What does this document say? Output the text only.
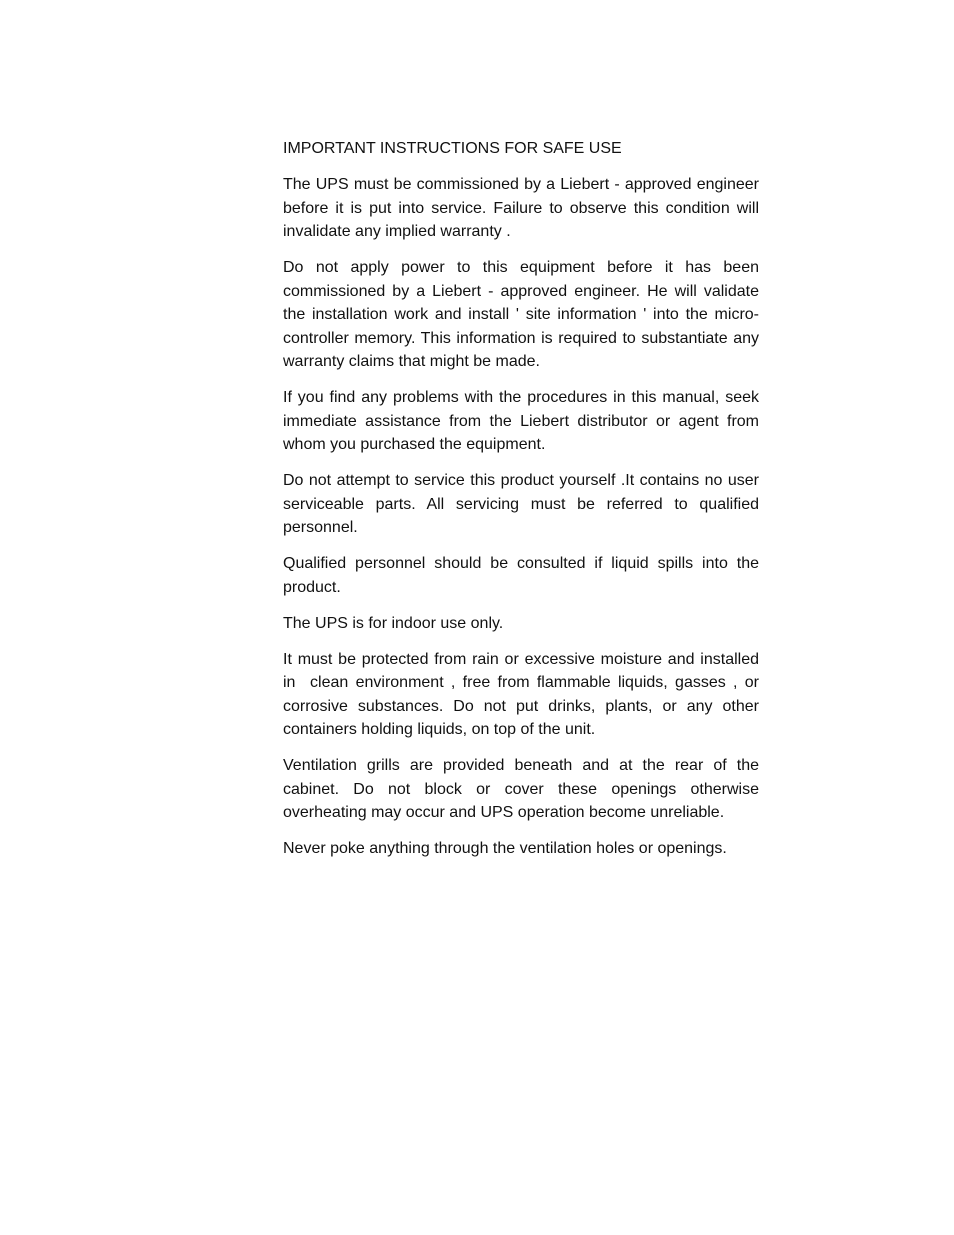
IMPORTANT INSTRUCTIONS FOR SAFE USE

The UPS must be commissioned by a Liebert - approved engineer before it is put into service. Failure to observe this condition will invalidate any implied warranty .

Do not apply power to this equipment before it has been commissioned by a Liebert - approved engineer. He will validate the installation work and install ' site information ' into the micro-controller memory. This information is required to substantiate any warranty claims that might be made.

If you find any problems with the procedures in this manual, seek immediate assistance from the Liebert distributor or agent from whom you purchased the equipment.

Do not attempt to service this product yourself .It contains no user serviceable parts. All servicing must be referred to qualified personnel.

Qualified personnel should be consulted if liquid spills into the product.

The UPS is for indoor use only.

It must be protected from rain or excessive moisture and installed in  clean environment , free from flammable liquids, gasses , or corrosive substances. Do not put drinks, plants, or any other containers holding liquids, on top of the unit.

Ventilation grills are provided beneath and at the rear of the cabinet. Do not block or cover these openings otherwise overheating may occur and UPS operation become unreliable.

Never poke anything through the ventilation holes or openings.
